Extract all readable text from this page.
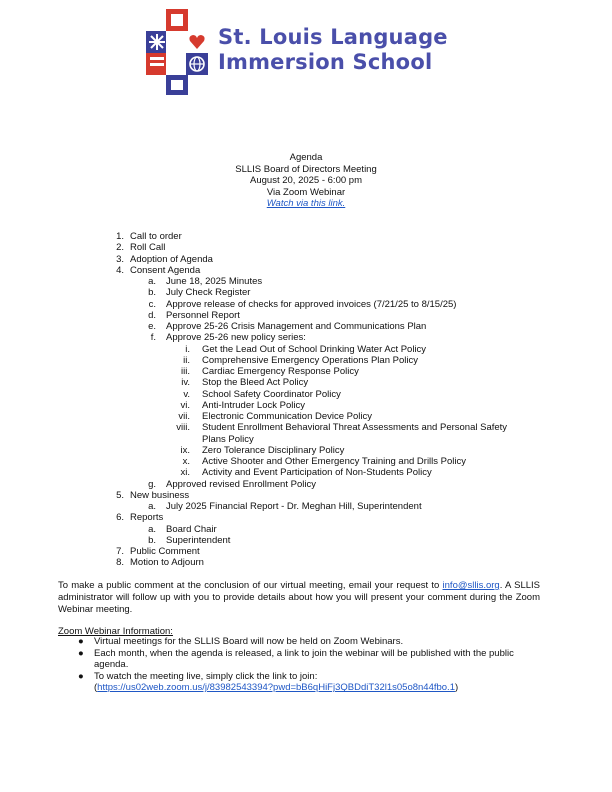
St. Louis Language
Immersion School
Agenda
SLLIS Board of Directors Meeting
August 20, 2025 - 6:00 pm
Via Zoom Webinar
Watch via this link.
1. Call to order
2. Roll Call
3. Adoption of Agenda
4. Consent Agenda
a. June 18, 2025 Minutes
b. July Check Register
c. Approve release of checks for approved invoices (7/21/25 to 8/15/25)
d. Personnel Report
e. Approve 25-26 Crisis Management and Communications Plan
f. Approve 25-26 new policy series:
i. Get the Lead Out of School Drinking Water Act Policy
ii. Comprehensive Emergency Operations Plan Policy
iii. Cardiac Emergency Response Policy
iv. Stop the Bleed Act Policy
v. School Safety Coordinator Policy
vi. Anti-Intruder Lock Policy
vii. Electronic Communication Device Policy
viii. Student Enrollment Behavioral Threat Assessments and Personal Safety Plans Policy
ix. Zero Tolerance Disciplinary Policy
x. Active Shooter and Other Emergency Training and Drills Policy
xi. Activity and Event Participation of Non-Students Policy
g. Approved revised Enrollment Policy
5. New business
a. July 2025 Financial Report - Dr. Meghan Hill, Superintendent
6. Reports
a. Board Chair
b. Superintendent
7. Public Comment
8. Motion to Adjourn
To make a public comment at the conclusion of our virtual meeting, email your request to info@sllis.org. A SLLIS administrator will follow up with you to provide details about how you will present your comment during the Zoom Webinar meeting.
Zoom Webinar Information:
● Virtual meetings for the SLLIS Board will now be held on Zoom Webinars.
● Each month, when the agenda is released, a link to join the webinar will be published with the public agenda.
● To watch the meeting live, simply click the link to join:
(https://us02web.zoom.us/j/83982543394?pwd=bB6qHiFj3QBDdiT32l1s05o8n44fbo.1)
